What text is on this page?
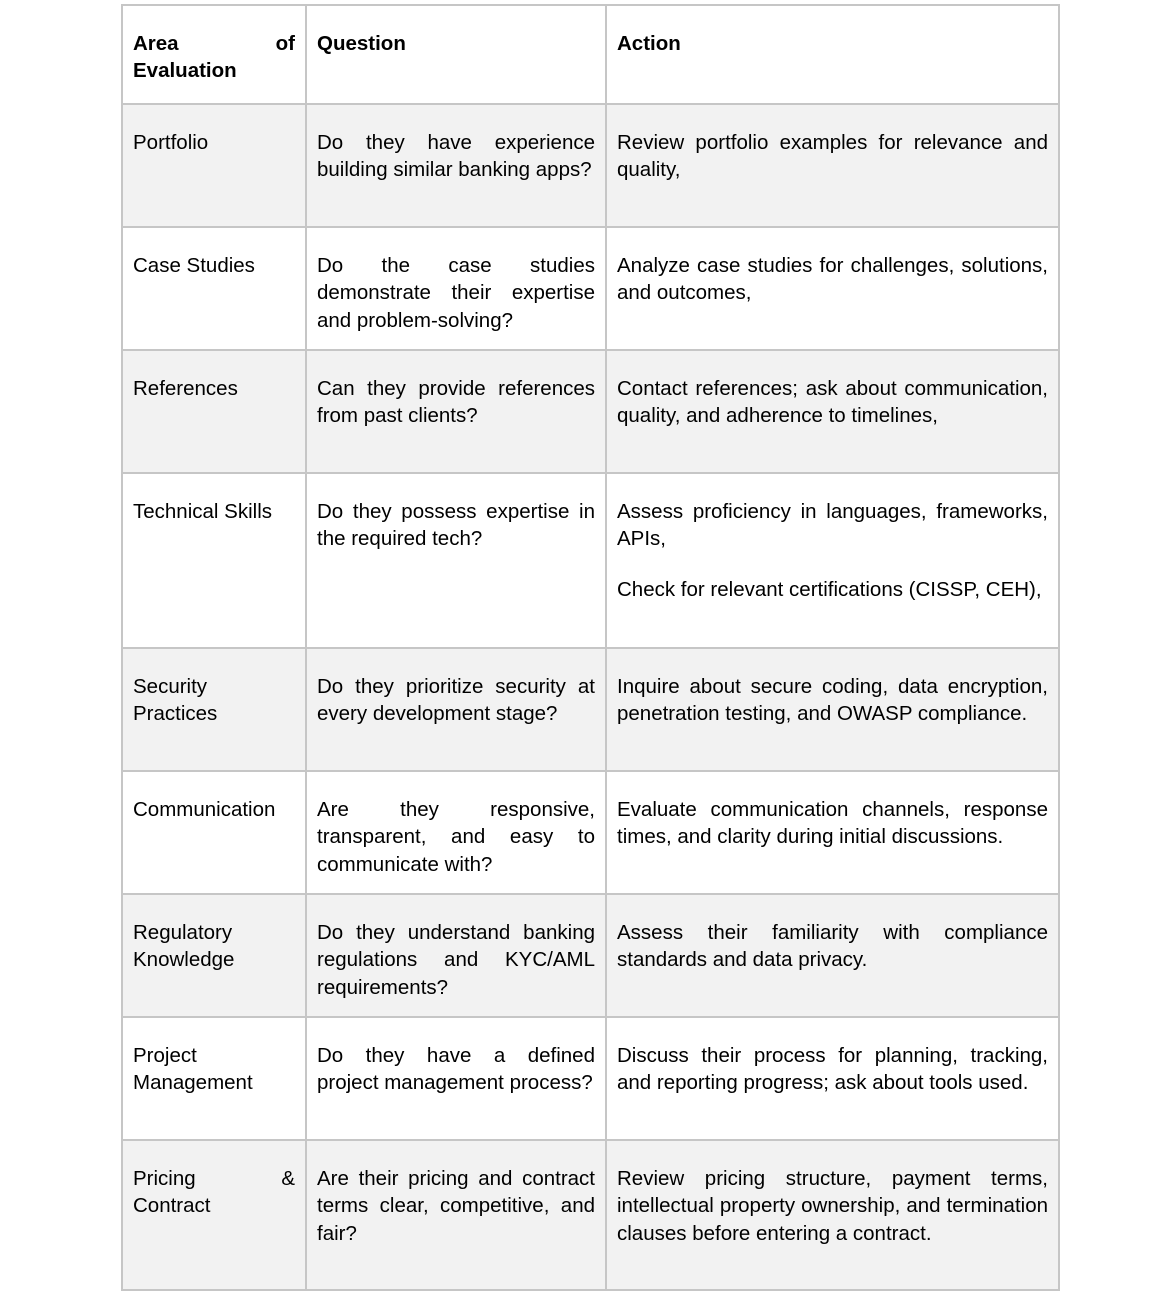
Area of Evaluation	Question	Action
Portfolio	Do they have experience building similar banking apps?	Review portfolio examples for relevance and quality,

Case Studies	Do the case studies demonstrate their expertise and problem-solving?	Analyze case studies for challenges, solutions, and outcomes,

References	Can they provide references from past clients?	Contact references; ask about communication, quality, and adherence to timelines,

Technical Skills	Do they possess expertise in the required tech?	Assess proficiency in languages, frameworks, APIs,
Check for relevant certifications (CISSP, CEH),

Security Practices	Do they prioritize security at every development stage?	Inquire about secure coding, data encryption, penetration testing, and OWASP compliance.

Communication	Are they responsive, transparent, and easy to communicate with?	Evaluate communication channels, response times, and clarity during initial discussions.

Regulatory Knowledge	Do they understand banking regulations and KYC/AML requirements?	Assess their familiarity with compliance standards and data privacy.

Project Management	Do they have a defined project management process?	Discuss their process for planning, tracking, and reporting progress; ask about tools used.

Pricing & Contract	Are their pricing and contract terms clear, competitive, and fair?	Review pricing structure, payment terms, intellectual property ownership, and termination clauses before entering a contract.
